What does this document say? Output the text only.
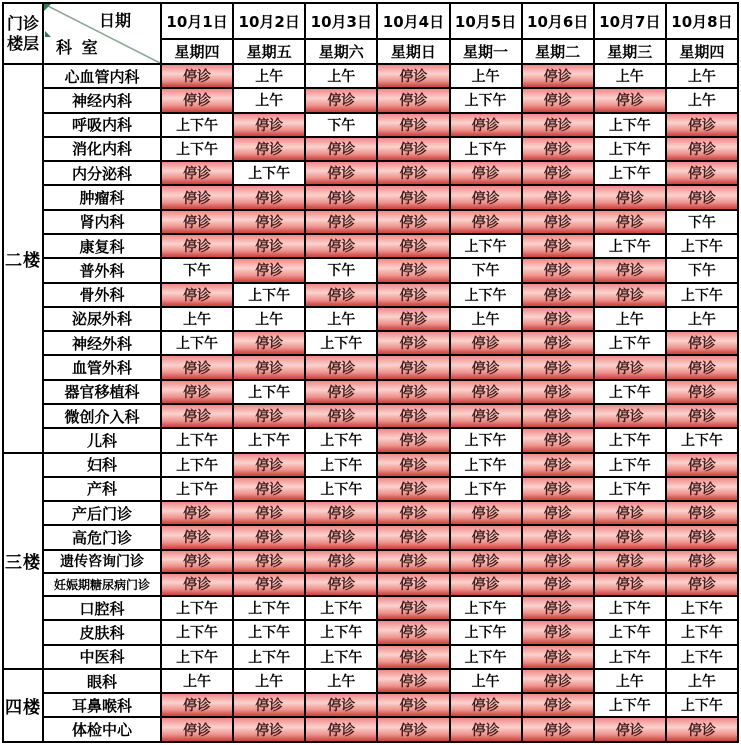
门诊
楼层

日期
科 室
	10月1日	10月2日	10月3日	10月4日	10月5日	10月6日	10月7日	10月8日
		星期四	星期五	星期六	星期日	星期一	星期二	星期三	星期四
二楼	心血管内科	停诊	上午	上午	停诊	上午	停诊	上午	上午
	神经内科	停诊	上午	停诊	停诊	上下午	停诊	停诊	上午
	呼吸内科	上下午	停诊	下午	停诊	停诊	停诊	上下午	停诊
	消化内科	上下午	停诊	停诊	停诊	上下午	停诊	上下午	停诊
	内分泌科	停诊	上下午	停诊	停诊	停诊	停诊	上下午	停诊
	肿瘤科	停诊	停诊	停诊	停诊	停诊	停诊	停诊	停诊
	肾内科	停诊	停诊	停诊	停诊	停诊	停诊	停诊	下午
	康复科	停诊	停诊	停诊	停诊	上下午	停诊	上下午	上下午
	普外科	下午	停诊	下午	停诊	下午	停诊	停诊	下午
	骨外科	停诊	上下午	停诊	停诊	上下午	停诊	停诊	上下午
	泌尿外科	上午	上午	上午	停诊	上午	停诊	上午	上午
	神经外科	上下午	停诊	上下午	停诊	停诊	停诊	上下午	停诊
	血管外科	停诊	停诊	停诊	停诊	停诊	停诊	停诊	停诊
	器官移植科	停诊	上下午	停诊	停诊	停诊	停诊	上下午	停诊
	微创介入科	停诊	停诊	停诊	停诊	停诊	停诊	停诊	停诊
	儿科	上下午	上下午	上下午	停诊	上下午	停诊	上下午	上下午
三楼	妇科	上下午	停诊	上下午	停诊	上下午	停诊	上下午	停诊
	产科	上下午	停诊	上下午	停诊	上下午	停诊	上下午	停诊
	产后门诊	停诊	停诊	停诊	停诊	停诊	停诊	停诊	停诊
	高危门诊	停诊	停诊	停诊	停诊	停诊	停诊	停诊	停诊
	遗传咨询门诊	停诊	停诊	停诊	停诊	停诊	停诊	停诊	停诊
	妊娠期糖尿病门诊	停诊	停诊	停诊	停诊	停诊	停诊	停诊	停诊
	口腔科	上下午	上下午	上下午	停诊	上下午	停诊	上下午	上下午
	皮肤科	上下午	上下午	上下午	停诊	上下午	停诊	上下午	上下午
	中医科	上下午	上下午	上下午	停诊	上下午	停诊	上下午	上下午
四楼	眼科	上午	上午	上午	停诊	上午	停诊	上午	上午
	耳鼻喉科	停诊	停诊	停诊	停诊	停诊	停诊	上下午	上下午
	体检中心	停诊	停诊	停诊	停诊	停诊	停诊	停诊	停诊
